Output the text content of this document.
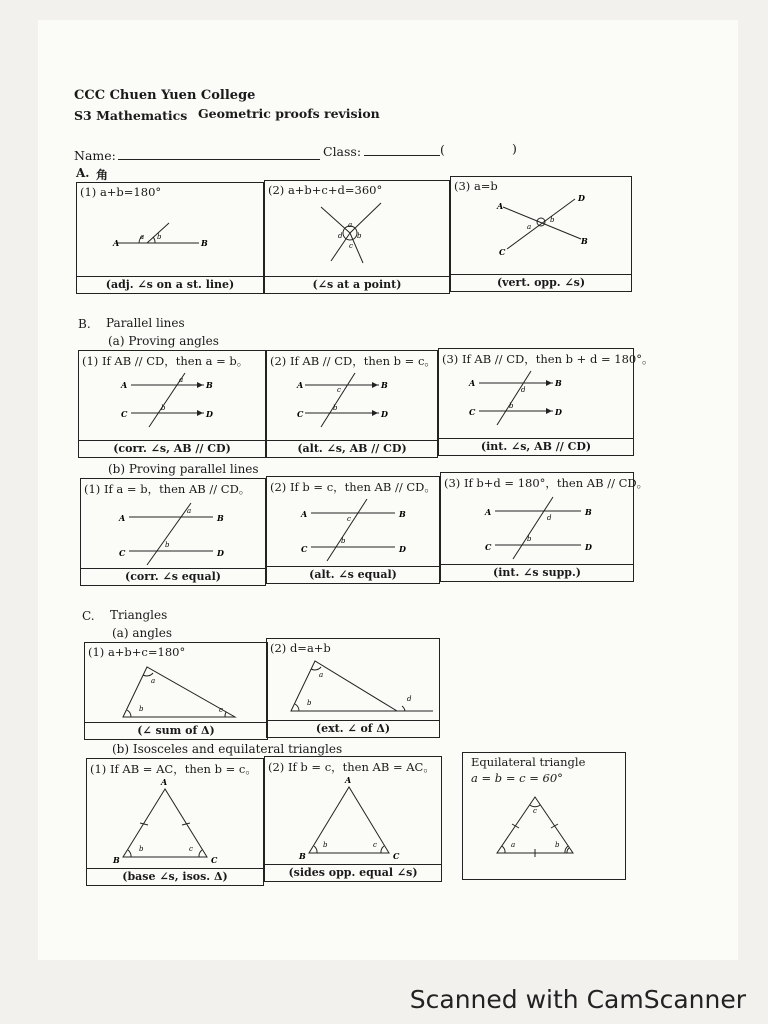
CCC Chuen Yuen College
S3 Mathematics Geometric proofs revision
Name:	Class:	(	)
A. 角
(1) a+b=180°
A	B
a b
(adj. ∠s on a st. line)
(2) a+b+c+d=360°
d b
a
c
(∠s at a point)
(3) a=b
A
D
B
C
a
b
(vert. opp. ∠s)
B. Parallel lines
(a) Proving angles
(1) If AB // CD，then a = b。
A	B
C	D
a
b
(corr. ∠s, AB // CD)
(2) If AB // CD，then b = c。
A	B
C	D
c
b
(alt. ∠s, AB // CD)
(3) If AB // CD，then b + d = 180°。
A	B
C	D
d
b
(int. ∠s, AB // CD)
(b) Proving parallel lines
(1) If a = b，then AB // CD。
A	B
C	D
a
b
(corr. ∠s equal)
(2) If b = c，then AB // CD。
A	B
C	D
c
b
(alt. ∠s equal)
(3) If b+d = 180°，then AB // CD。
A	B
C	D
d
b
(int. ∠s supp.)
C. Triangles
(a) angles
(1) a+b+c=180°
a
b	c
(∠ sum of Δ)
(2) d=a+b
a
b	d
(ext. ∠ of Δ)
(b) Isosceles and equilateral triangles
(1) If AB = AC，then b = c。
A
B	C
b	c
(base ∠s, isos. Δ)
(2) If b = c，then AB = AC。
A
B	C
b	c
(sides opp. equal ∠s)
Equilateral triangle
a = b = c = 60°
c
a	b
Scanned with CamScanner
